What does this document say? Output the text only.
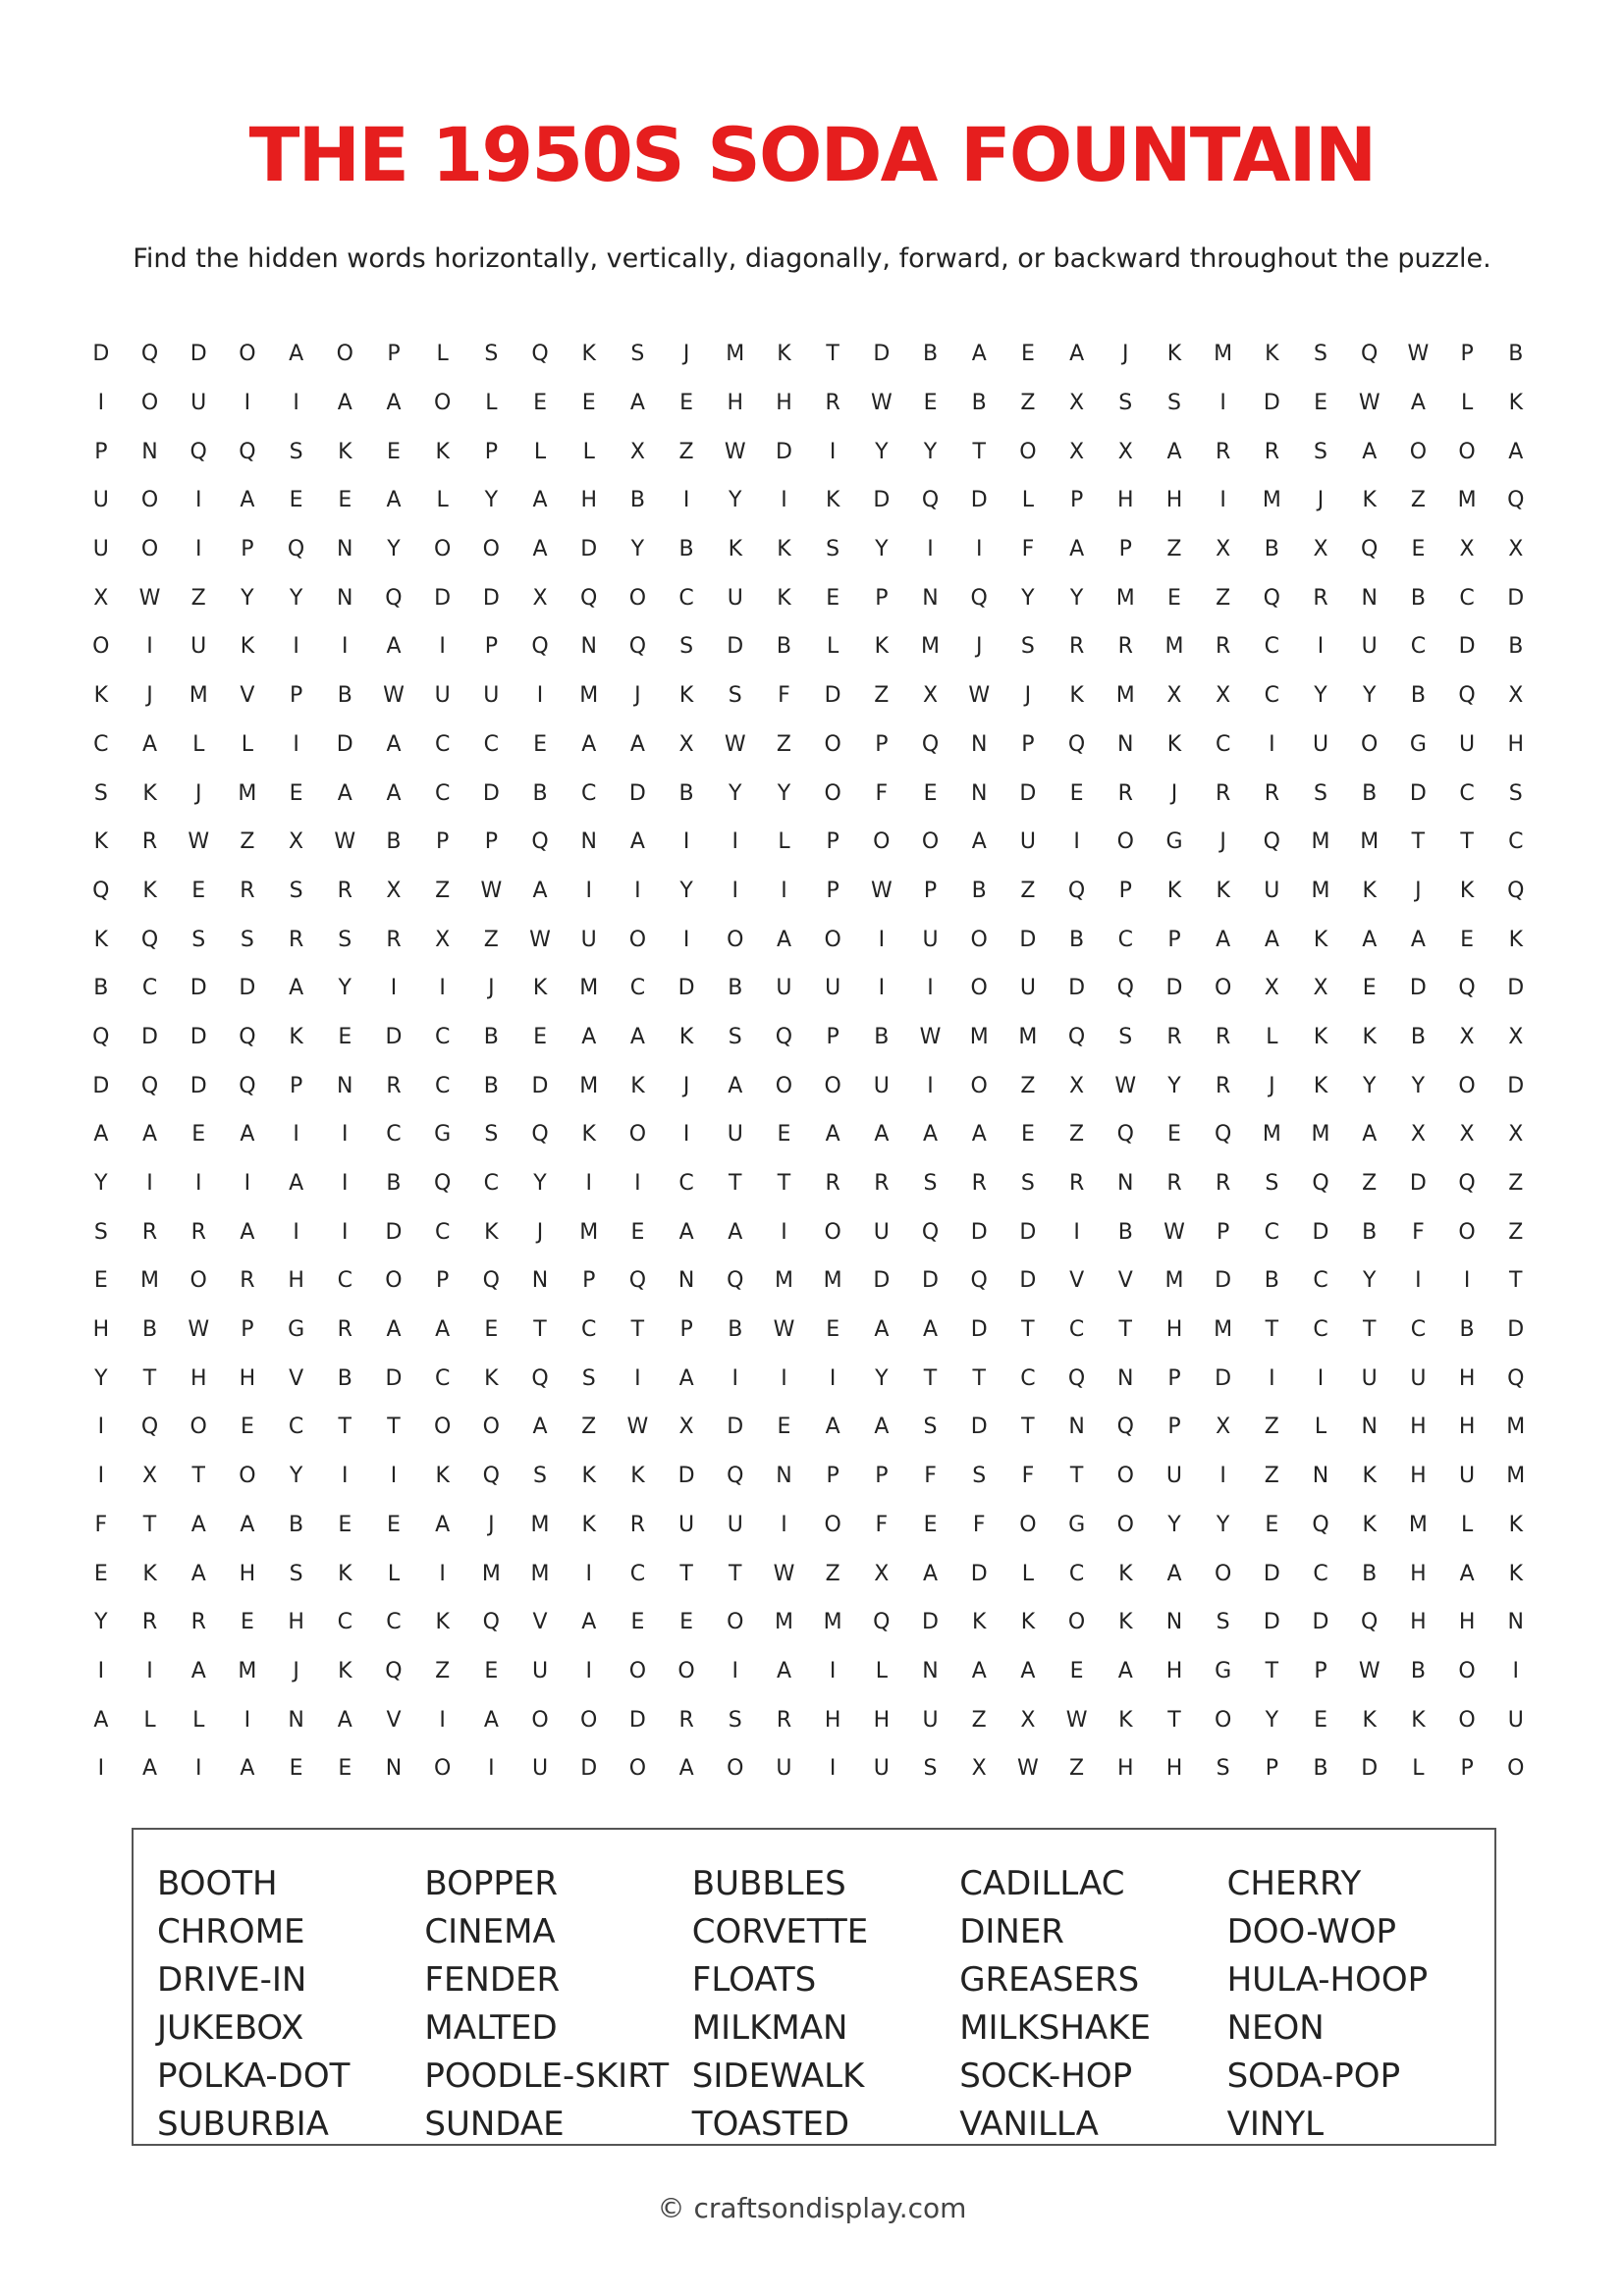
THE 1950S SODA FOUNTAIN

Find the hidden words horizontally, vertically, diagonally, forward, or backward throughout the puzzle.

D	Q	D	O	A	O	P	L	S	Q	K	S	J	M	K	T	D	B	A	E	A	J	K	M	K	S	Q	W	P	B
I	O	U	I	I	A	A	O	L	E	E	A	E	H	H	R	W	E	B	Z	X	S	S	I	D	E	W	A	L	K
P	N	Q	Q	S	K	E	K	P	L	L	X	Z	W	D	I	Y	Y	T	O	X	X	A	R	R	S	A	O	O	A
U	O	I	A	E	E	A	L	Y	A	H	B	I	Y	I	K	D	Q	D	L	P	H	H	I	M	J	K	Z	M	Q
U	O	I	P	Q	N	Y	O	O	A	D	Y	B	K	K	S	Y	I	I	F	A	P	Z	X	B	X	Q	E	X	X
X	W	Z	Y	Y	N	Q	D	D	X	Q	O	C	U	K	E	P	N	Q	Y	Y	M	E	Z	Q	R	N	B	C	D
O	I	U	K	I	I	A	I	P	Q	N	Q	S	D	B	L	K	M	J	S	R	R	M	R	C	I	U	C	D	B
K	J	M	V	P	B	W	U	U	I	M	J	K	S	F	D	Z	X	W	J	K	M	X	X	C	Y	Y	B	Q	X
C	A	L	L	I	D	A	C	C	E	A	A	X	W	Z	O	P	Q	N	P	Q	N	K	C	I	U	O	G	U	H
S	K	J	M	E	A	A	C	D	B	C	D	B	Y	Y	O	F	E	N	D	E	R	J	R	R	S	B	D	C	S
K	R	W	Z	X	W	B	P	P	Q	N	A	I	I	L	P	O	O	A	U	I	O	G	J	Q	M	M	T	T	C
Q	K	E	R	S	R	X	Z	W	A	I	I	Y	I	I	P	W	P	B	Z	Q	P	K	K	U	M	K	J	K	Q
K	Q	S	S	R	S	R	X	Z	W	U	O	I	O	A	O	I	U	O	D	B	C	P	A	A	K	A	A	E	K
B	C	D	D	A	Y	I	I	J	K	M	C	D	B	U	U	I	I	O	U	D	Q	D	O	X	X	E	D	Q	D
Q	D	D	Q	K	E	D	C	B	E	A	A	K	S	Q	P	B	W	M	M	Q	S	R	R	L	K	K	B	X	X
D	Q	D	Q	P	N	R	C	B	D	M	K	J	A	O	O	U	I	O	Z	X	W	Y	R	J	K	Y	Y	O	D
A	A	E	A	I	I	C	G	S	Q	K	O	I	U	E	A	A	A	A	E	Z	Q	E	Q	M	M	A	X	X	X
Y	I	I	I	A	I	B	Q	C	Y	I	I	C	T	T	R	R	S	R	S	R	N	R	R	S	Q	Z	D	Q	Z
S	R	R	A	I	I	D	C	K	J	M	E	A	A	I	O	U	Q	D	D	I	B	W	P	C	D	B	F	O	Z
E	M	O	R	H	C	O	P	Q	N	P	Q	N	Q	M	M	D	D	Q	D	V	V	M	D	B	C	Y	I	I	T
H	B	W	P	G	R	A	A	E	T	C	T	P	B	W	E	A	A	D	T	C	T	H	M	T	C	T	C	B	D
Y	T	H	H	V	B	D	C	K	Q	S	I	A	I	I	I	Y	T	T	C	Q	N	P	D	I	I	U	U	H	Q
I	Q	O	E	C	T	T	O	O	A	Z	W	X	D	E	A	A	S	D	T	N	Q	P	X	Z	L	N	H	H	M
I	X	T	O	Y	I	I	K	Q	S	K	K	D	Q	N	P	P	F	S	F	T	O	U	I	Z	N	K	H	U	M
F	T	A	A	B	E	E	A	J	M	K	R	U	U	I	O	F	E	F	O	G	O	Y	Y	E	Q	K	M	L	K
E	K	A	H	S	K	L	I	M	M	I	C	T	T	W	Z	X	A	D	L	C	K	A	O	D	C	B	H	A	K
Y	R	R	E	H	C	C	K	Q	V	A	E	E	O	M	M	Q	D	K	K	O	K	N	S	D	D	Q	H	H	N
I	I	A	M	J	K	Q	Z	E	U	I	O	O	I	A	I	L	N	A	A	E	A	H	G	T	P	W	B	O	I
A	L	L	I	N	A	V	I	A	O	O	D	R	S	R	H	H	U	Z	X	W	K	T	O	Y	E	K	K	O	U
I	A	I	A	E	E	N	O	I	U	D	O	A	O	U	I	U	S	X	W	Z	H	H	S	P	B	D	L	P	O
BOOTH	BOPPER	BUBBLES	CADILLAC	CHERRY
CHROME	CINEMA	CORVETTE	DINER	DOO-WOP
DRIVE-IN	FENDER	FLOATS	GREASERS	HULA-HOOP
JUKEBOX	MALTED	MILKMAN	MILKSHAKE	NEON
POLKA-DOT	POODLE-SKIRT SIDEWALK	SOCK-HOP	SODA-POP
SUBURBIA	SUNDAE	TOASTED	VANILLA	VINYL
© craftsondisplay.com
